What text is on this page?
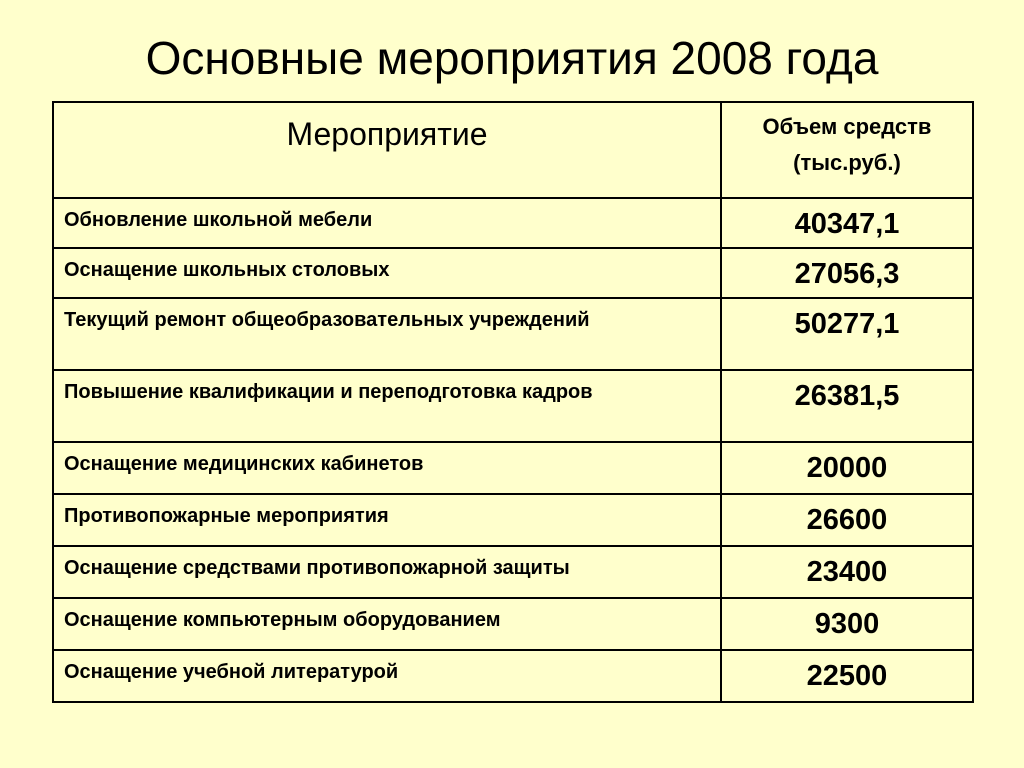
Основные мероприятия 2008 года
Мероприятие	Объем средств
(тыс.руб.)

Обновление школьной мебели	40347,1
Оснащение школьных столовых	27056,3
Текущий ремонт общеобразовательных учреждений	50277,1
Повышение квалификации и переподготовка кадров	26381,5
Оснащение медицинских кабинетов	20000
Противопожарные мероприятия	26600
Оснащение средствами противопожарной защиты	23400
Оснащение компьютерным оборудованием	9300
Оснащение учебной литературой	22500
